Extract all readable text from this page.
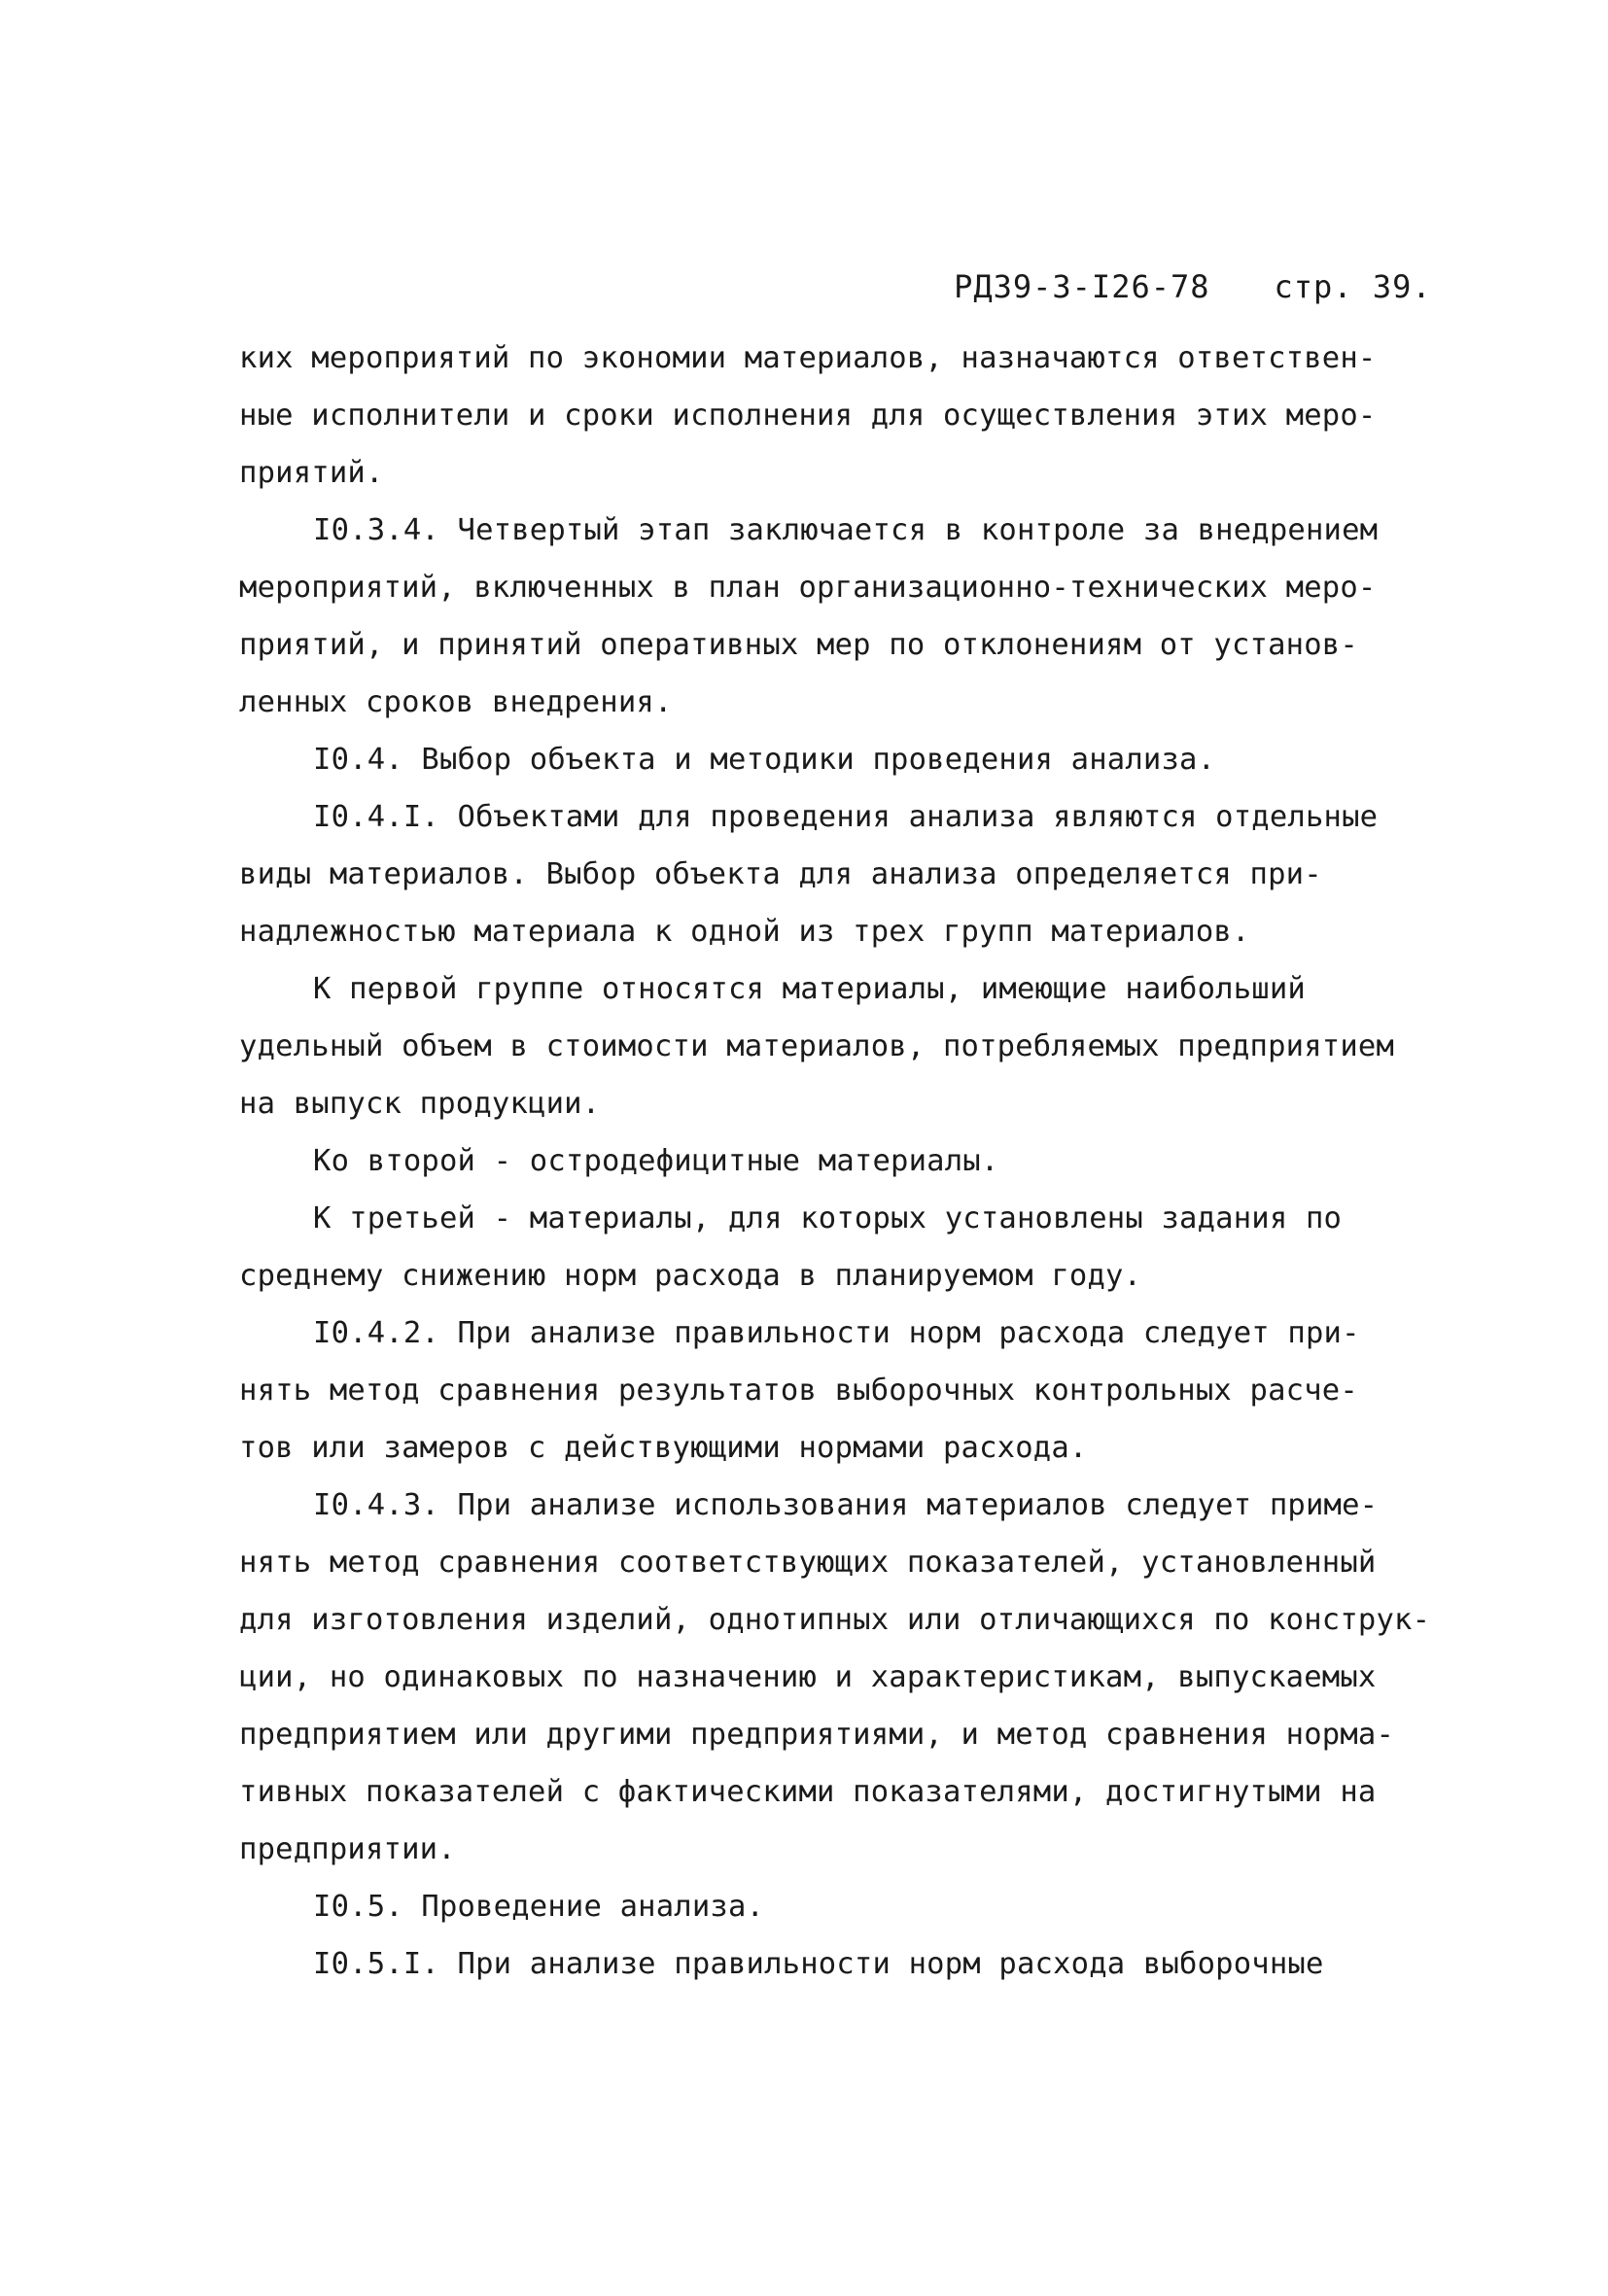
РД39-3-I26-78 стр. 39.

ких мероприятий по экономии материалов, назначаются ответствен-
ные исполнители и сроки исполнения для осуществления этих меро-
приятий.
I0.3.4. Четвертый этап заключается в контроле за внедрением
мероприятий, включенных в план организационно-технических меро-
приятий, и принятий оперативных мер по отклонениям от установ-
ленных сроков внедрения.
I0.4. Выбор объекта и методики проведения анализа.
I0.4.I. Объектами для проведения анализа являются отдельные
виды материалов. Выбор объекта для анализа определяется при-
надлежностью материала к одной из трех групп материалов.
К первой группе относятся материалы, имеющие наибольший
удельный объем в стоимости материалов, потребляемых предприятием
на выпуск продукции.
Ко второй - остродефицитные материалы.
К третьей - материалы, для которых установлены задания по
среднему снижению норм расхода в планируемом году.
I0.4.2. При анализе правильности норм расхода следует при-
нять метод сравнения результатов выборочных контрольных расче-
тов или замеров с действующими нормами расхода.
I0.4.3. При анализе использования материалов следует приме-
нять метод сравнения соответствующих показателей, установленный
для изготовления изделий, однотипных или отличающихся по конструк-
ции, но одинаковых по назначению и характеристикам, выпускаемых
предприятием или другими предприятиями, и метод сравнения норма-
тивных показателей с фактическими показателями, достигнутыми на
предприятии.
I0.5. Проведение анализа.
I0.5.I. При анализе правильности норм расхода выборочные
